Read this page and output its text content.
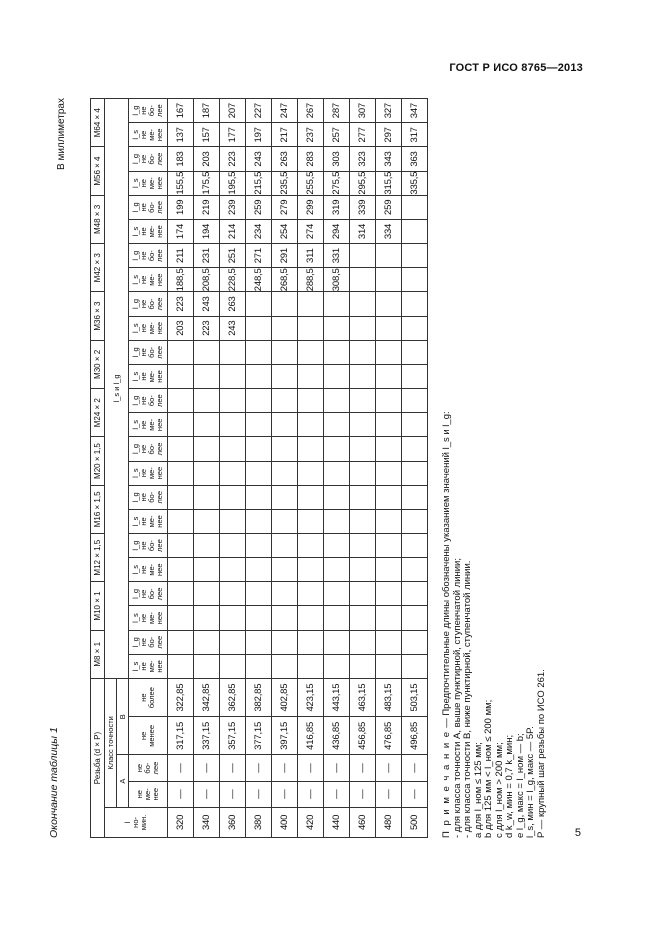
ГОСТ Р ИСО 8765—2013
5
Окончание таблицы 1
В миллиметрах
Резьба (d × P)					M8 × 1		M10 × 1		M12 × 1,5		M16 × 1,5		M20 × 1,5		M24 × 2		M30 × 2		M36 × 3		M42 × 3		M48 × 3		M56 × 4		M64 × 4	
l
но-
мин.	Класс точности				l_s и l_g																							
	A		B																									
	не
ме-
нее	не
бо-
лее	не
менее	не
более	l_s
не
ме-
нее	l_g
не
бо-
лее	l_s
не
ме-
нее	l_g
не
бо-
лее	l_s
не
ме-
нее	l_g
не
бо-
лее	l_s
не
ме-
нее	l_g
не
бо-
лее	l_s
не
ме-
нее	l_g
не
бо-
лее	l_s
не
ме-
нее	l_g
не
бо-
лее	l_s
не
ме-
нее	l_g
не
бо-
лее	l_s
не
ме-
нее	l_g
не
бо-
лее	l_s
не
ме-
нее	l_g
не
бо-
лее	l_s
не
ме-
нее	l_g
не
бо-
лее	l_s
не
ме-
нее	l_g
не
бо-
лее	l_s
не
ме-
нее	l_g
не
бо-
лее
320	—	—	317,15	322,85															203	223	188,5	211	174	199	155,5	183	137	167
340	—	—	337,15	342,85															223	243	208,5	231	194	219	175,5	203	157	187
360	—	—	357,15	362,85															243	263	228,5	251	214	239	195,5	223	177	207
380	—	—	377,15	382,85																	248,5	271	234	259	215,5	243	197	227
400	—	—	397,15	402,85																	268,5	291	254	279	235,5	263	217	247
420	—	—	416,85	423,15																	288,5	311	274	299	255,5	283	237	267
440	—	—	436,85	443,15																	308,5	331	294	319	275,5	303	257	287
460	—	—	456,85	463,15																			314	339	295,5	323	277	307
480	—	—	476,85	483,15																			334	259	315,5	343	297	327
500	—	—	496,85	503,15																					335,5	363	317	347
П р и м е ч а н и е — Предпочтительные длины обозначены указанием значений l_s и l_g: - для класса точности A, выше пунктирной, ступенчатой линии; - для класса точности B, ниже пунктирной, ступенчатой линии. а для l_ном ≤ 125 мм; b для 125 мм < l_ном ≤ 200 мм; c для l_ном > 200 мм; d k_w, мин = 0,7 k_мин; e l_g, макс = l_ном — b; l_s, мин = l_g, макс — 5P. P — крупный шаг резьбы по ИСО 261.
